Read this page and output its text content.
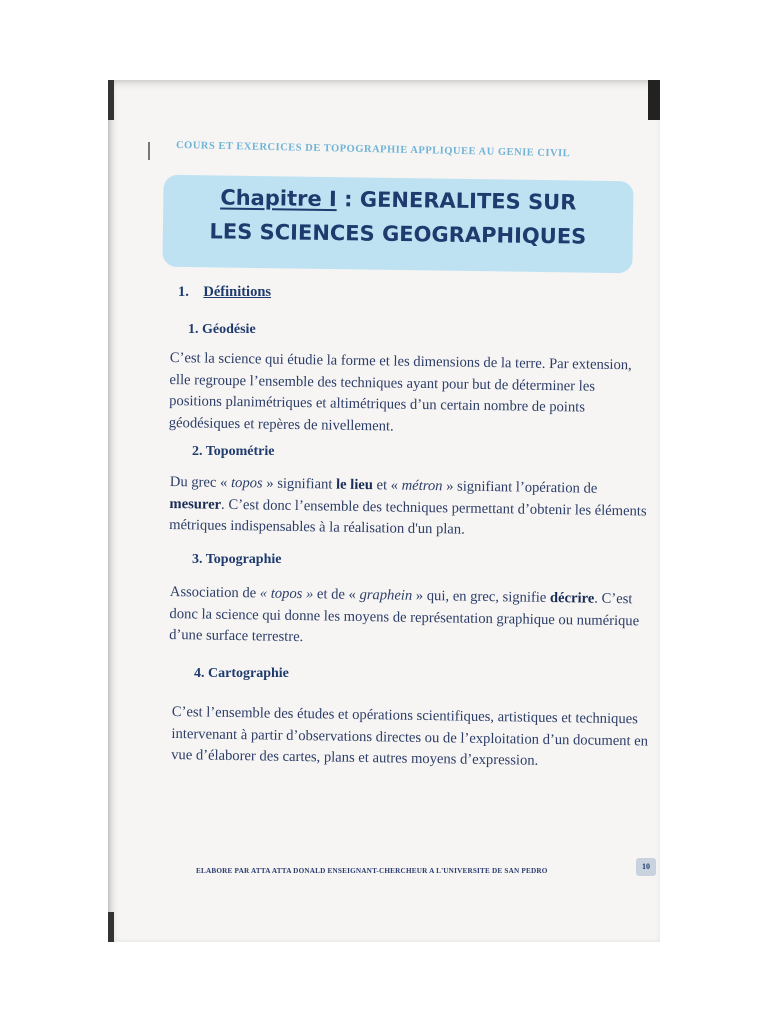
COURS ET EXERCICES DE TOPOGRAPHIE APPLIQUEE AU GENIE CIVIL
Chapitre I : GENERALITES SUR
LES SCIENCES GEOGRAPHIQUES
1. Définitions
1. Géodésie
C’est la science qui étudie la forme et les dimensions de la terre. Par extension, elle regroupe l’ensemble des techniques ayant pour but de déterminer les positions planimétriques et altimétriques d’un certain nombre de points géodésiques et repères de nivellement.
2. Topométrie
Du grec « topos » signifiant le lieu et « métron » signifiant l’opération de mesurer. C’est donc l’ensemble des techniques permettant d’obtenir les éléments métriques indispensables à la réalisation d'un plan.
3. Topographie
Association de « topos » et de « graphein » qui, en grec, signifie décrire. C’est donc la science qui donne les moyens de représentation graphique ou numérique d’une surface terrestre.
4. Cartographie
C’est l’ensemble des études et opérations scientifiques, artistiques et techniques intervenant à partir d’observations directes ou de l’exploitation d’un document en vue d’élaborer des cartes, plans et autres moyens d’expression.
ELABORE PAR ATTA ATTA DONALD ENSEIGNANT-CHERCHEUR A L'UNIVERSITE DE SAN PEDRO	10
